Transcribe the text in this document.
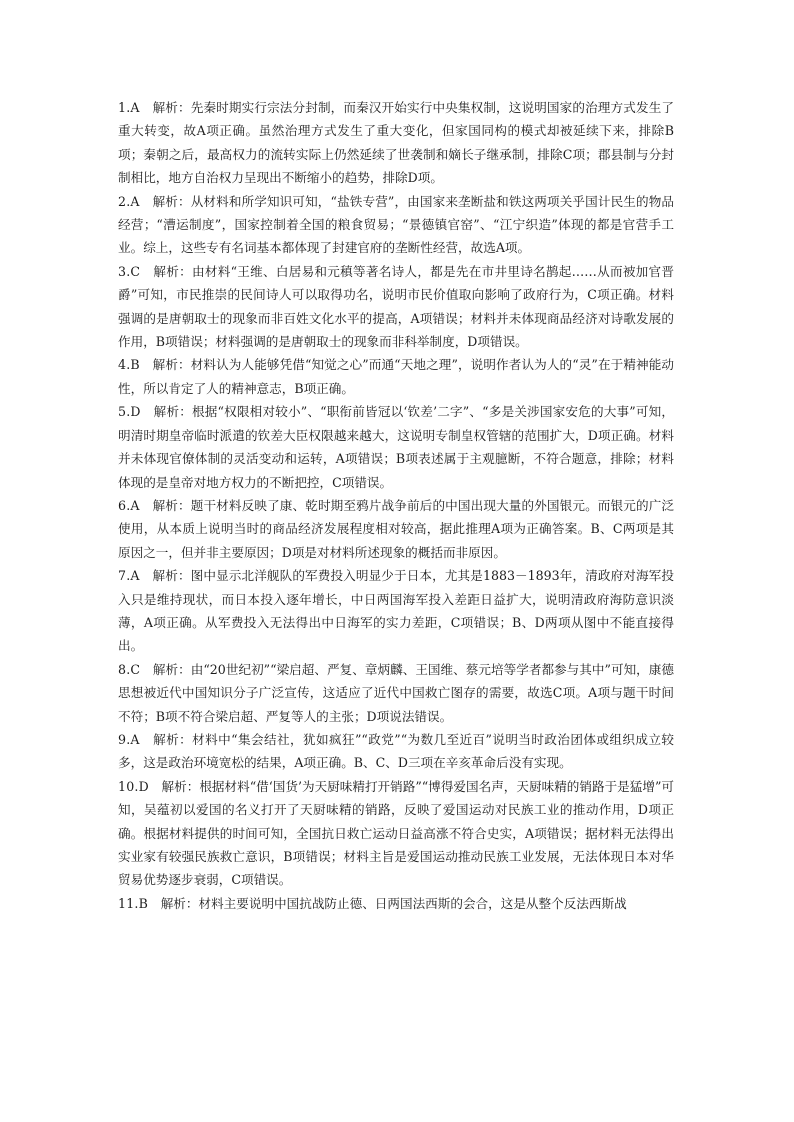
1.A　 解析：先秦时期实行宗法分封制，而秦汉开始实行中央集权制，这说明国家的治理方式发生了重大转变，故A项正确。虽然治理方式发生了重大变化，但家国同构的模式却被延续下来，排除B项；秦朝之后，最高权力的流转实际上仍然延续了世袭制和嫡长子继承制，排除C项；郡县制与分封制相比，地方自治权力呈现出不断缩小的趋势，排除D项。

2.A　 解析：从材料和所学知识可知，“盐铁专营”，由国家来垄断盐和铁这两项关乎国计民生的物品经营；“漕运制度”，国家控制着全国的粮食贸易；“景德镇官窑”、“江宁织造”体现的都是官营手工业。综上，这些专有名词基本都体现了封建官府的垄断性经营，故选A项。

3.C　 解析：由材料“王维、白居易和元稹等著名诗人，都是先在市井里诗名鹊起……从而被加官晋爵”可知，市民推崇的民间诗人可以取得功名，说明市民价值取向影响了政府行为，C项正确。材料强调的是唐朝取士的现象而非百姓文化水平的提高，A项错误；材料并未体现商品经济对诗歌发展的作用，B项错误；材料强调的是唐朝取士的现象而非科举制度，D项错误。

4.B　 解析：材料认为人能够凭借“知觉之心”而通“天地之理”，说明作者认为人的“灵”在于精神能动性，所以肯定了人的精神意志，B项正确。

5.D　 解析：根据“权限相对较小”、“职衔前皆冠以‘钦差’二字”、“多是关涉国家安危的大事”可知，明清时期皇帝临时派遣的钦差大臣权限越来越大，这说明专制皇权管辖的范围扩大，D项正确。材料并未体现官僚体制的灵活变动和运转，A项错误；B项表述属于主观臆断，不符合题意，排除；材料体现的是皇帝对地方权力的不断把控，C项错误。

6.A　 解析：题干材料反映了康、乾时期至鸦片战争前后的中国出现大量的外国银元。而银元的广泛使用，从本质上说明当时的商品经济发展程度相对较高，据此推理A项为正确答案。B、C两项是其原因之一，但并非主要原因；D项是对材料所述现象的概括而非原因。

7.A　 解析：图中显示北洋舰队的军费投入明显少于日本，尤其是1883－1893年，清政府对海军投入只是维持现状，而日本投入逐年增长，中日两国海军投入差距日益扩大，说明清政府海防意识淡薄，A项正确。从军费投入无法得出中日海军的实力差距，C项错误；B、D两项从图中不能直接得出。

8.C　 解析：由“20世纪初”“梁启超、严复、章炳麟、王国维、蔡元培等学者都参与其中”可知，康德思想被近代中国知识分子广泛宣传，这适应了近代中国救亡图存的需要，故选C项。A项与题干时间不符；B项不符合梁启超、严复等人的主张；D项说法错误。

9.A　 解析：材料中“集会结社，犹如疯狂”“政党”“为数几至近百”说明当时政治团体或组织成立较多，这是政治环境宽松的结果，A项正确。B、C、D三项在辛亥革命后没有实现。

10.D　 解析：根据材料“借‘国货’为天厨味精打开销路”“博得爱国名声，天厨味精的销路于是猛增”可知，吴蕴初以爱国的名义打开了天厨味精的销路，反映了爱国运动对民族工业的推动作用，D项正确。根据材料提供的时间可知，全国抗日救亡运动日益高涨不符合史实，A项错误；据材料无法得出实业家有较强民族救亡意识，B项错误；材料主旨是爱国运动推动民族工业发展，无法体现日本对华贸易优势逐步衰弱，C项错误。

11.B　 解析：材料主要说明中国抗战防止德、日两国法西斯的会合，这是从整个反法西斯战
